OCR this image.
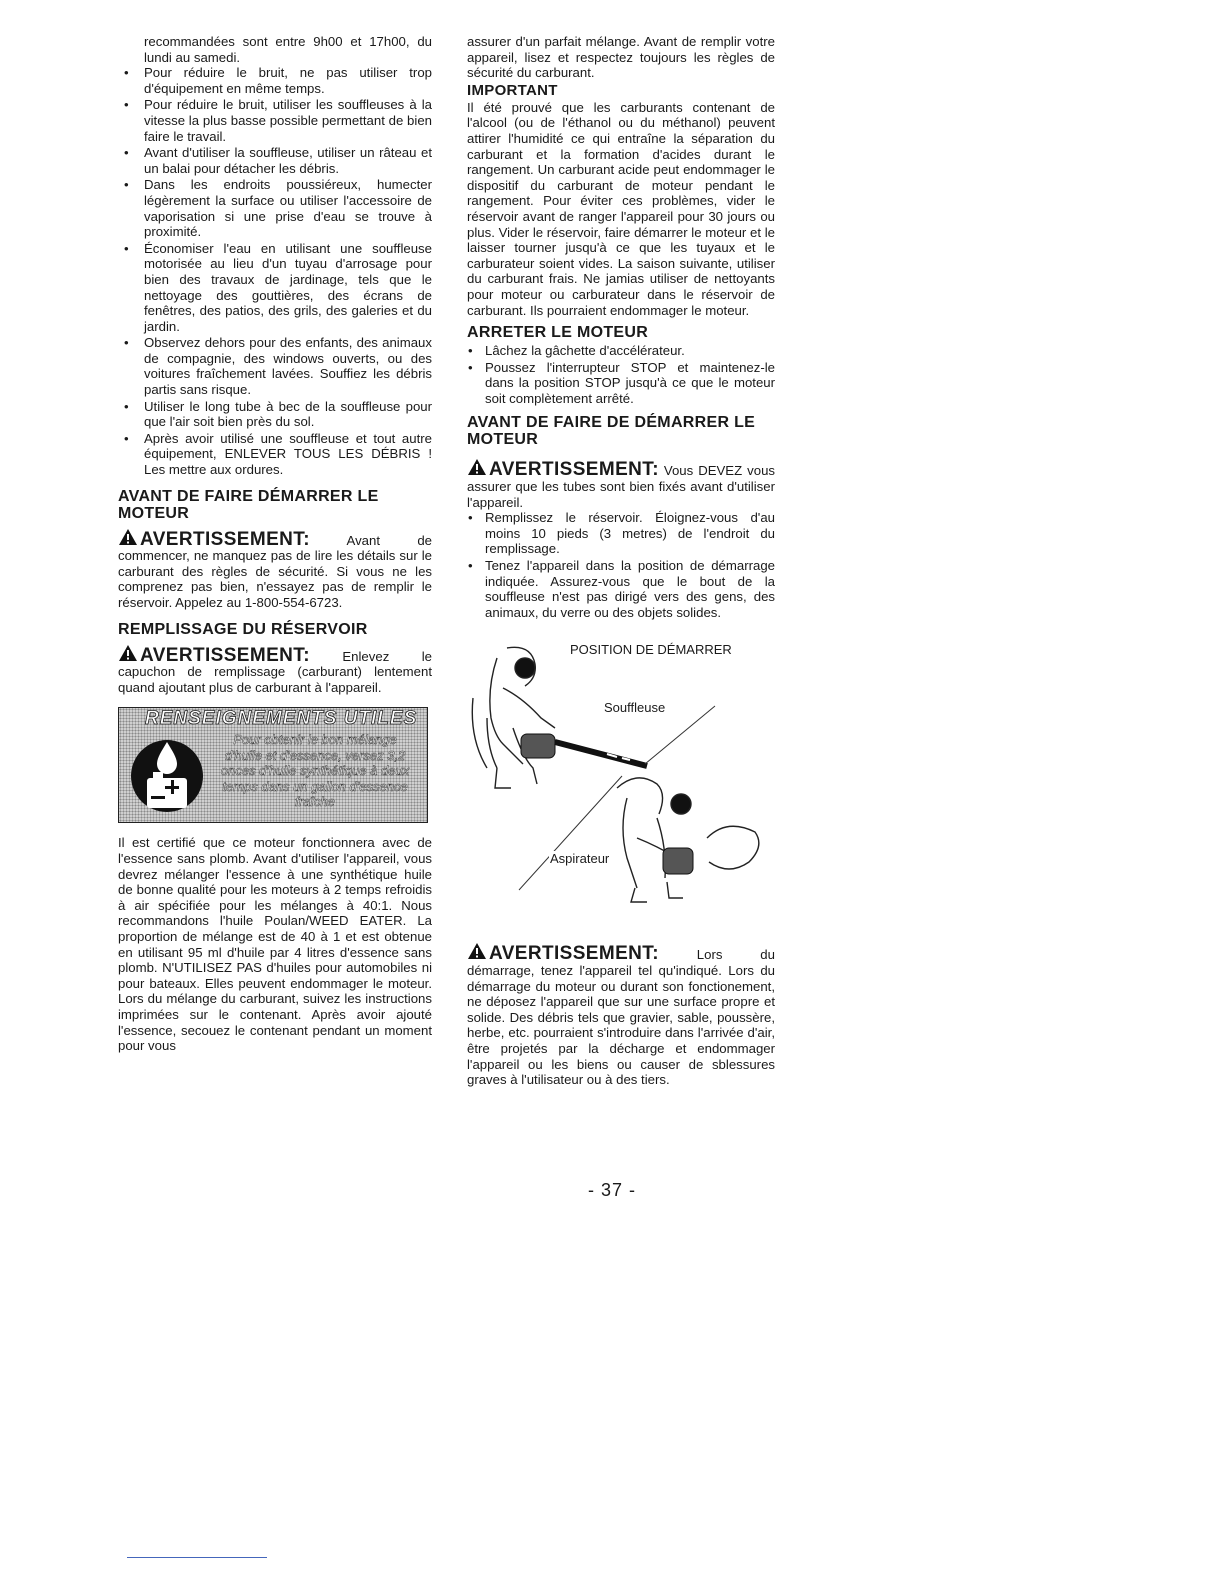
recommandées sont entre 9h00 et 17h00, du lundi au samedi.

• Pour réduire le bruit, ne pas utiliser trop d'équipement en même temps.
• Pour réduire le bruit, utiliser les souffleuses à la vitesse la plus basse possible permettant de bien faire le travail.
• Avant d'utiliser la souffleuse, utiliser un râteau et un balai pour détacher les débris.
• Dans les endroits poussiéreux, humecter légèrement la surface ou utiliser l'accessoire de vaporisation si une prise d'eau se trouve à proximité.
• Économiser l'eau en utilisant une souffleuse motorisée au lieu d'un tuyau d'arrosage pour bien des travaux de jardinage, tels que le nettoyage des gouttières, des écrans de fenêtres, des patios, des grils, des galeries et du jardin.
• Observez dehors pour des enfants, des animaux de compagnie, des windows ouverts, ou des voitures fraîchement lavées. Souffiez les débris partis sans risque.
• Utiliser le long tube à bec de la souffleuse pour que l'air soit bien près du sol.
• Après avoir utilisé une souffleuse et tout autre équipement, ENLEVER TOUS LES DÉBRIS ! Les mettre aux ordures.
AVANT DE FAIRE DÉMARRER LE MOTEUR
AVERTISSEMENT:	Avant de commencer, ne manquez pas de lire les détails sur le carburant des règles de sécurité. Si vous ne les comprenez pas bien, n'essayez pas de remplir le réservoir. Appelez au 1-800-554-6723.
REMPLISSAGE DU RÉSERVOIR
AVERTISSEMENT: Enlevez le capuchon de remplissage (carburant) lentement quand ajoutant plus de carburant à l'appareil.
RENSEIGNEMENTS UTILES
Pour obtenir le bon mélange d'huile et d'essence, versez 3,2 onces d'huile synthétique à deux temps dans un gallon d'essence fraîche

Il est certifié que ce moteur fonctionnera avec de l'essence sans plomb. Avant d'utiliser l'appareil, vous devrez mélanger l'essence à une synthétique huile de bonne qualité pour les moteurs à 2 temps refroidis à air spécifiée pour les mélanges à 40:1. Nous recommandons l'huile Poulan/WEED EATER. La proportion de mélange est de 40 à 1 et est obtenue en utilisant 95 ml d'huile par 4 litres d'essence sans plomb. N'UTILISEZ PAS d'huiles pour automobiles ni pour bateaux. Elles peuvent endommager le moteur. Lors du mélange du carburant, suivez les instructions imprimées sur le contenant. Après avoir ajouté l'essence, secouez le contenant pendant un moment pour vous

assurer d'un parfait mélange. Avant de remplir votre appareil, lisez et respectez toujours les règles de sécurité du carburant.

IMPORTANT

Il été prouvé que les carburants contenant de l'alcool (ou de l'éthanol ou du méthanol) peuvent attirer l'humidité ce qui entraîne la séparation du carburant et la formation d'acides durant le rangement. Un carburant acide peut endommager le dispositif du carburant de moteur pendant le rangement. Pour éviter ces problèmes, vider le réservoir avant de ranger l'appareil pour 30 jours ou plus. Vider le réservoir, faire démarrer le moteur et le laisser tourner jusqu'à ce que les tuyaux et le carburateur soient vides. La saison suivante, utiliser du carburant frais. Ne jamias utiliser de nettoyants pour moteur ou carburateur dans le réservoir de carburant. Ils pourraient endommager le moteur.

ARRETER LE MOTEUR
• Lâchez la gâchette d'accélérateur.
• Poussez l'interrupteur STOP et maintenez-le dans la position STOP jusqu'à ce que le moteur soit complètement arrêté.
AVANT DE FAIRE DE DÉMARRER LE MOTEUR
AVERTISSEMENT: Vous DEVEZ vous assurer que les tubes sont bien fixés avant d'utiliser l'appareil.
• Remplissez le réservoir. Éloignez-vous d'au moins 10 pieds (3 metres) de l'endroit du remplissage.
• Tenez l'appareil dans la position de démarrage indiquée. Assurez-vous que le bout de la souffleuse n'est pas dirigé vers des gens, des animaux, du verre ou des objets solides.
POSITION DE DÉMARRER
Souffleuse
Aspirateur
AVERTISSEMENT:	Lors du démarrage, tenez l'appareil tel qu'indiqué. Lors du démarrage du moteur ou durant son fonctionement, ne déposez l'appareil que sur une surface propre et solide. Des débris tels que gravier, sable, poussère, herbe, etc. pourraient s'introduire dans l'arrivée d'air, être projetés par la décharge et endommager l'appareil ou les biens ou causer de sblessures graves à l'utilisateur ou à des tiers.
- 37 -
